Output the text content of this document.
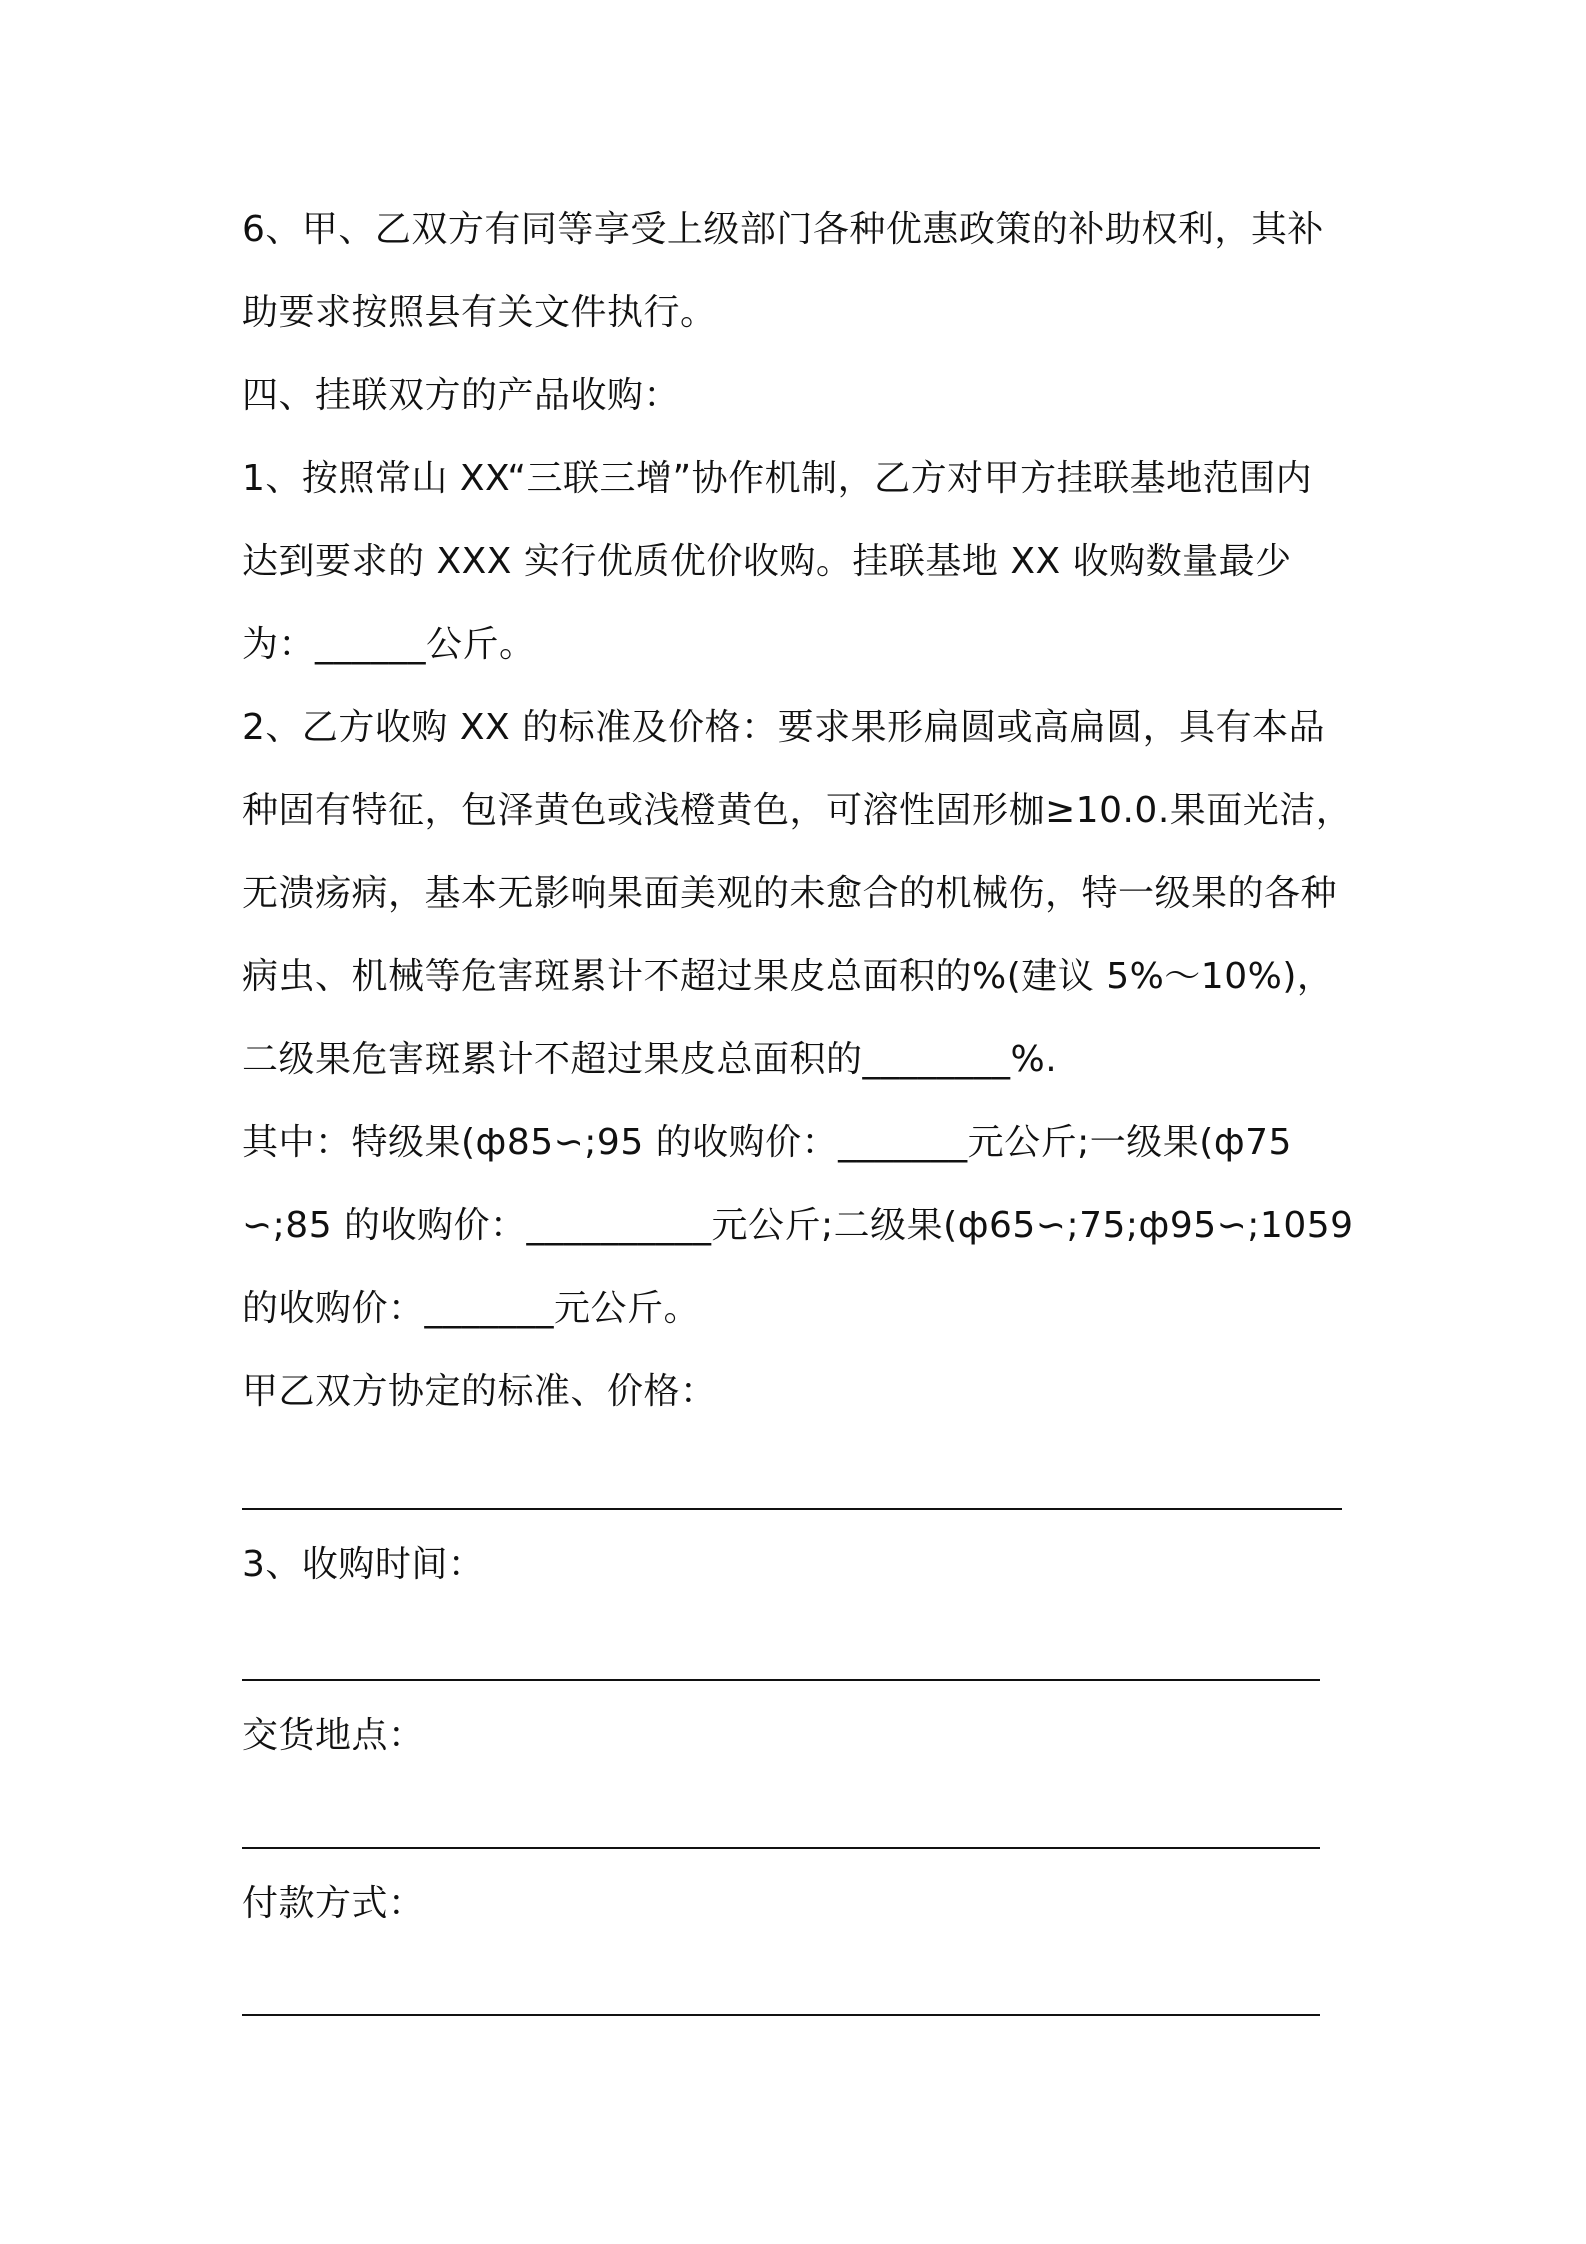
6、甲、乙双方有同等享受上级部门各种优惠政策的补助权利，其补
助要求按照县有关文件执行。
四、挂联双方的产品收购：
1、按照常山 XX“三联三增”协作机制，乙方对甲方挂联基地范围内
达到要求的 XXX 实行优质优价收购。挂联基地 XX 收购数量最少
为：______公斤。
2、乙方收购 XX 的标准及价格：要求果形扁圆或高扁圆，具有本品
种固有特征，包泽黄色或浅橙黄色，可溶性固形枷≥10.0.果面光洁，
无溃疡病，基本无影响果面美观的未愈合的机械伤，特一级果的各种
病虫、机械等危害斑累计不超过果皮总面积的%(建议 5%～10%)，
二级果危害斑累计不超过果皮总面积的________%.
其中：特级果(ф85∽;95 的收购价：_______元公斤;一级果(ф75
∽;85 的收购价：__________元公斤;二级果(ф65∽;75;ф95∽;1059
的收购价：_______元公斤。
甲乙双方协定的标准、价格：
3、收购时间：
交货地点：
付款方式：
